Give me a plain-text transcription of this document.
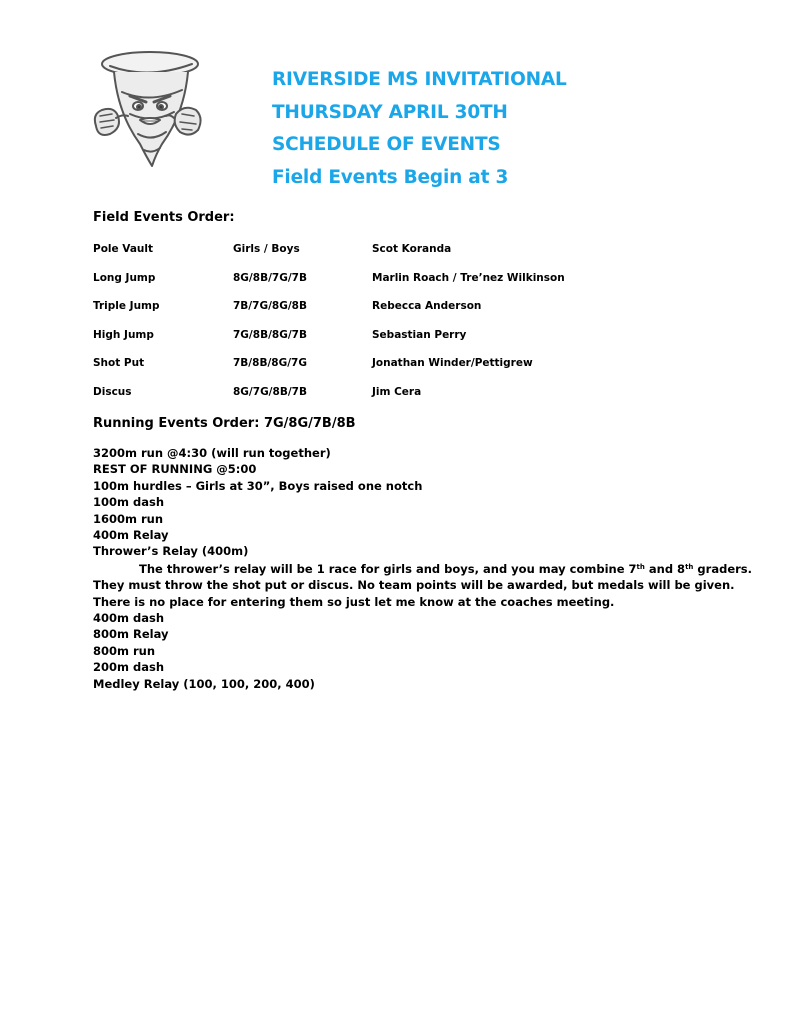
RIVERSIDE MS INVITATIONAL
THURSDAY APRIL 30TH
SCHEDULE OF EVENTS
Field Events Begin at 3
Field Events Order:
Pole Vault	Girls / Boys	Scot Koranda
Long Jump	8G/8B/7G/7B	Marlin Roach / Tre’nez Wilkinson
Triple Jump	7B/7G/8G/8B	Rebecca Anderson
High Jump	7G/8B/8G/7B	Sebastian Perry
Shot Put	7B/8B/8G/7G	Jonathan Winder/Pettigrew
Discus	8G/7G/8B/7B	Jim Cera
Running Events Order: 7G/8G/7B/8B
3200m run @4:30 (will run together)
REST OF RUNNING @5:00
100m hurdles – Girls at 30”, Boys raised one notch
100m dash
1600m run
400m Relay
Thrower’s Relay (400m)
The thrower’s relay will be 1 race for girls and boys, and you may combine 7th and 8th graders.
They must throw the shot put or discus. No team points will be awarded, but medals will be given.
There is no place for entering them so just let me know at the coaches meeting.
400m dash
800m Relay
800m run
200m dash
Medley Relay (100, 100, 200, 400)
